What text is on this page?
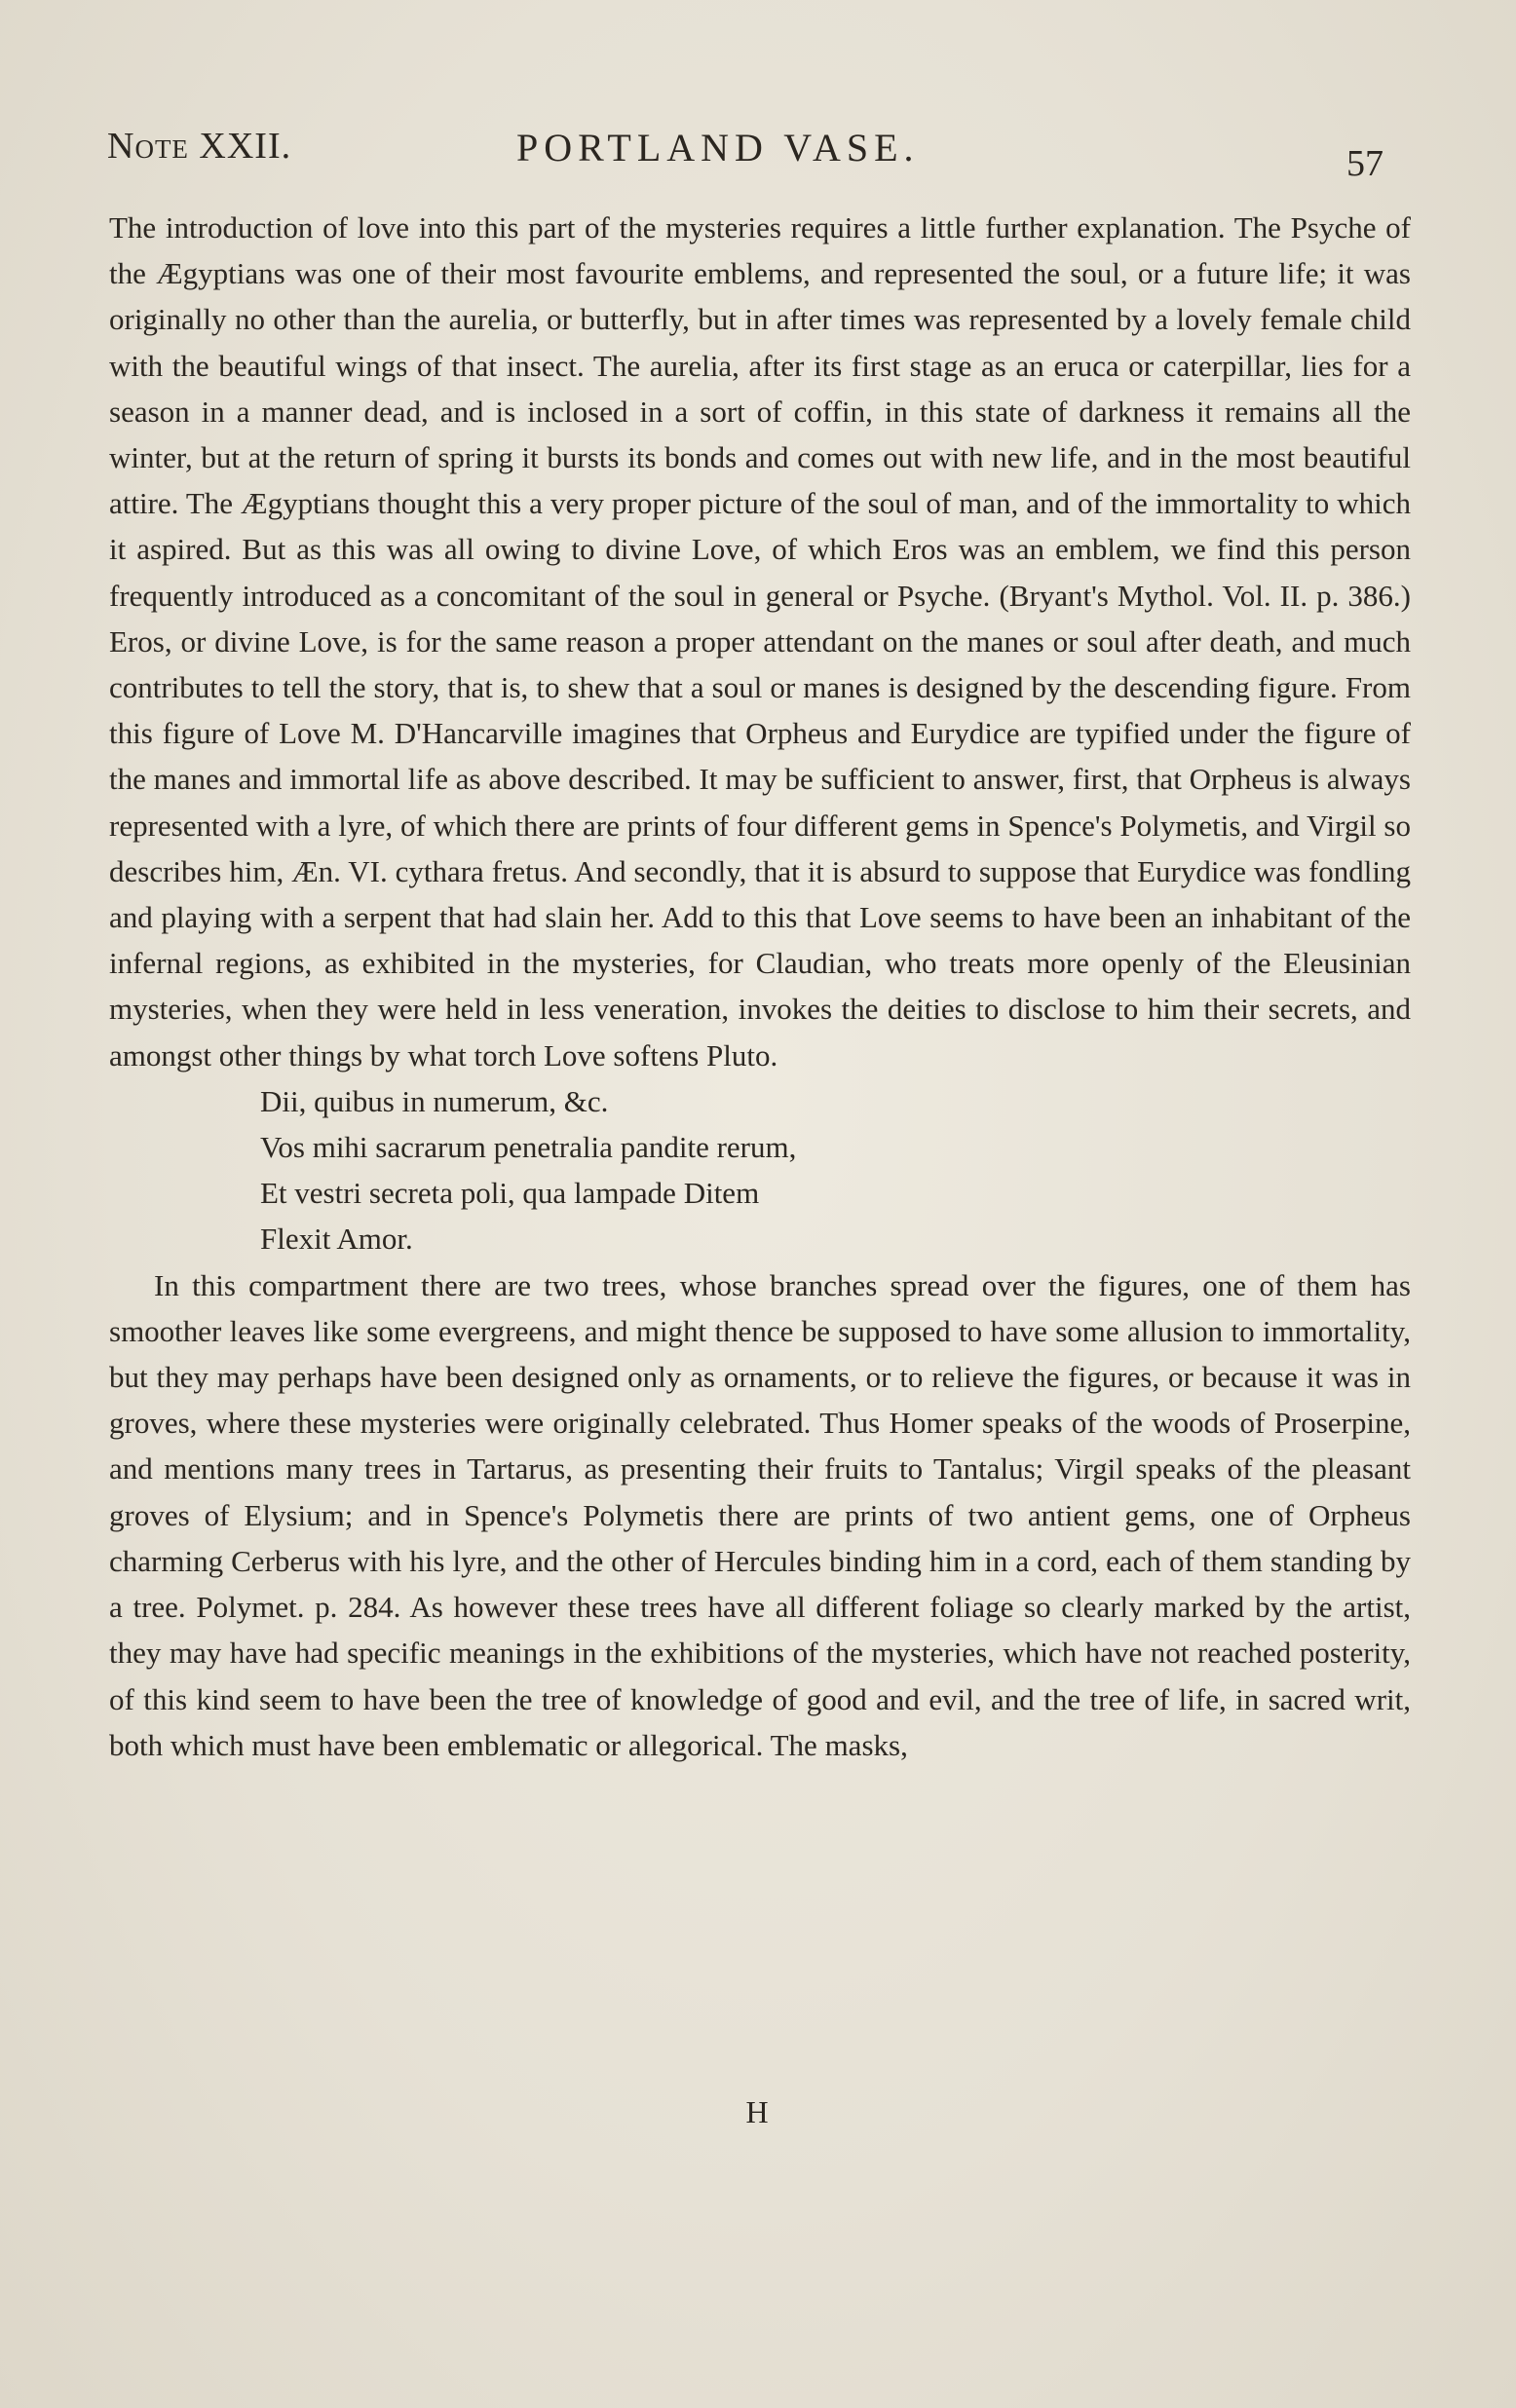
Note XXII.	PORTLAND VASE.	57

The introduction of love into this part of the mysteries requires a little further explanation. The Psyche of the Ægyptians was one of their most favourite emblems, and represented the soul, or a future life; it was originally no other than the aurelia, or butterfly, but in after times was represented by a lovely female child with the beautiful wings of that insect. The aurelia, after its first stage as an eruca or caterpillar, lies for a season in a manner dead, and is inclosed in a sort of coffin, in this state of darkness it remains all the winter, but at the return of spring it bursts its bonds and comes out with new life, and in the most beautiful attire. The Ægyptians thought this a very proper picture of the soul of man, and of the immortality to which it aspired. But as this was all owing to divine Love, of which Eros was an emblem, we find this person frequently introduced as a concomitant of the soul in general or Psyche. (Bryant's Mythol. Vol. II. p. 386.) Eros, or divine Love, is for the same reason a proper attendant on the manes or soul after death, and much contributes to tell the story, that is, to shew that a soul or manes is designed by the descending figure. From this figure of Love M. D'Hancarville imagines that Orpheus and Eurydice are typified under the figure of the manes and immortal life as above described. It may be sufficient to answer, first, that Orpheus is always represented with a lyre, of which there are prints of four different gems in Spence's Polymetis, and Virgil so describes him, Æn. VI. cythara fretus. And secondly, that it is absurd to suppose that Eurydice was fondling and playing with a serpent that had slain her. Add to this that Love seems to have been an inhabitant of the infernal regions, as exhibited in the mysteries, for Claudian, who treats more openly of the Eleusinian mysteries, when they were held in less veneration, invokes the deities to disclose to him their secrets, and amongst other things by what torch Love softens Pluto.

Dii, quibus in numerum, &c.

Vos mihi sacrarum penetralia pandite rerum,

Et vestri secreta poli, qua lampade Ditem

Flexit Amor.

In this compartment there are two trees, whose branches spread over the figures, one of them has smoother leaves like some evergreens, and might thence be supposed to have some allusion to immortality, but they may perhaps have been designed only as ornaments, or to relieve the figures, or because it was in groves, where these mysteries were originally celebrated. Thus Homer speaks of the woods of Proserpine, and mentions many trees in Tartarus, as presenting their fruits to Tantalus; Virgil speaks of the pleasant groves of Elysium; and in Spence's Polymetis there are prints of two antient gems, one of Orpheus charming Cerberus with his lyre, and the other of Hercules binding him in a cord, each of them standing by a tree. Polymet. p. 284. As however these trees have all different foliage so clearly marked by the artist, they may have had specific meanings in the exhibitions of the mysteries, which have not reached posterity, of this kind seem to have been the tree of knowledge of good and evil, and the tree of life, in sacred writ, both which must have been emblematic or allegorical. The masks,

H
